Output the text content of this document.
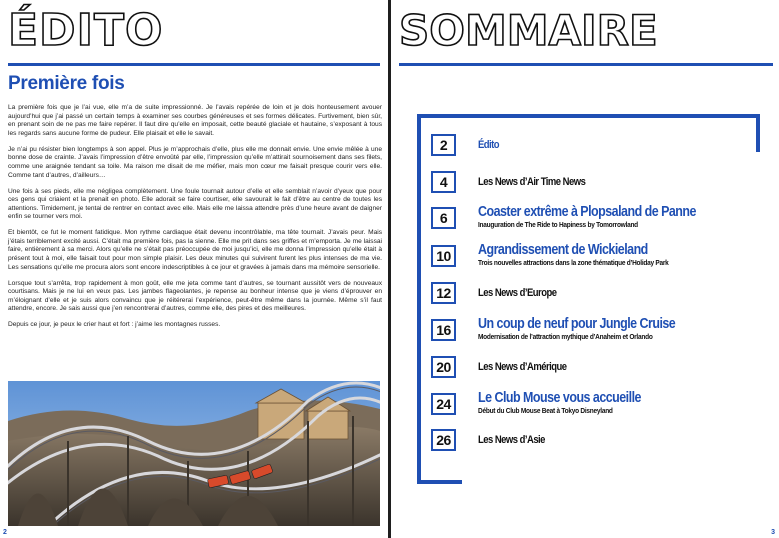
ÉDITO
Première fois

La première fois que je l’ai vue, elle m’a de suite impressionné. Je l’avais repérée de loin et je dois honteusement avouer aujourd’hui que j’ai passé un certain temps à examiner ses courbes généreuses et ses formes délicates. Furtivement, bien sûr, en prenant soin de ne pas me faire repérer. Il faut dire qu’elle en imposait, cette beauté glaciale et hautaine, s’exposant à tous les regards sans aucune forme de pudeur. Elle plaisait et elle le savait.

Je n’ai pu résister bien longtemps à son appel. Plus je m’approchais d’elle, plus elle me donnait envie. Une envie mêlée à une bonne dose de crainte. J’avais l’impression d’être envoûté par elle, l’impression qu’elle m’attirait sournoisement dans ses filets, comme une araignée tendant sa toile. Ma raison me disait de me méfier, mais mon cœur me faisait presque courir vers elle. Comme tant d’autres, d’ailleurs…

Une fois à ses pieds, elle me négligea complètement. Une foule tournait autour d’elle et elle semblait n’avoir d’yeux que pour ces gens qui criaient et la prenait en photo. Elle adorait se faire courtiser, elle savourait le fait d’être au centre de toutes les attentions. Timidement, je tentai de rentrer en contact avec elle. Mais elle me laissa attendre près d’une heure avant de daigner enfin se tourner vers moi.

Et bientôt, ce fut le moment fatidique. Mon rythme cardiaque était devenu incontrôlable, ma tête tournait. J’avais peur. Mais j’étais terriblement excité aussi. C’était ma première fois, pas la sienne. Elle me prit dans ses griffes et m’emporta. Je me laissai faire, entièrement à sa merci. Alors qu’elle ne s’était pas préoccupée de moi jusqu’ici, elle me donna l’impression qu’elle était à présent tout à moi, elle faisait tout pour mon simple plaisir. Les deux minutes qui suivirent furent les plus intenses de ma vie. Les sensations qu’elle me procura alors sont encore indescriptibles à ce jour et gravées à jamais dans ma mémoire sensorielle.

Lorsque tout s’arrêta, trop rapidement à mon goût, elle me jeta comme tant d’autres, se tournant aussitôt vers de nouveaux courtisans. Mais je ne lui en veux pas. Les jambes flageolantes, je repense au bonheur intense que je viens d’éprouver en m’éloignant d’elle et je suis alors convaincu que je réitérerai l’expérience, peut-être même dans la journée. Même s’il faut attendre, encore. Je sais aussi que j’en rencontrerai d’autres, comme elle, des pires et des meilleures.

Depuis ce jour, je peux le crier haut et fort : j’aime les montagnes russes.

2
SOMMAIRE
2	Édito
4	Les News d’Air Time News
6	Coaster extrême à Plopsaland de Panne
Inauguration de The Ride to Hapiness by Tomorrowland
10	Agrandissement de Wickieland
Trois nouvelles attractions dans la zone thématique d’Holiday Park
12	Les News d’Europe
16	Un coup de neuf pour Jungle Cruise
Modernisation de l’attraction mythique d’Anaheim et Orlando
20	Les News d’Amérique
24	Le Club Mouse vous accueille
Début du Club Mouse Beat à Tokyo Disneyland
26	Les News d’Asie
3
